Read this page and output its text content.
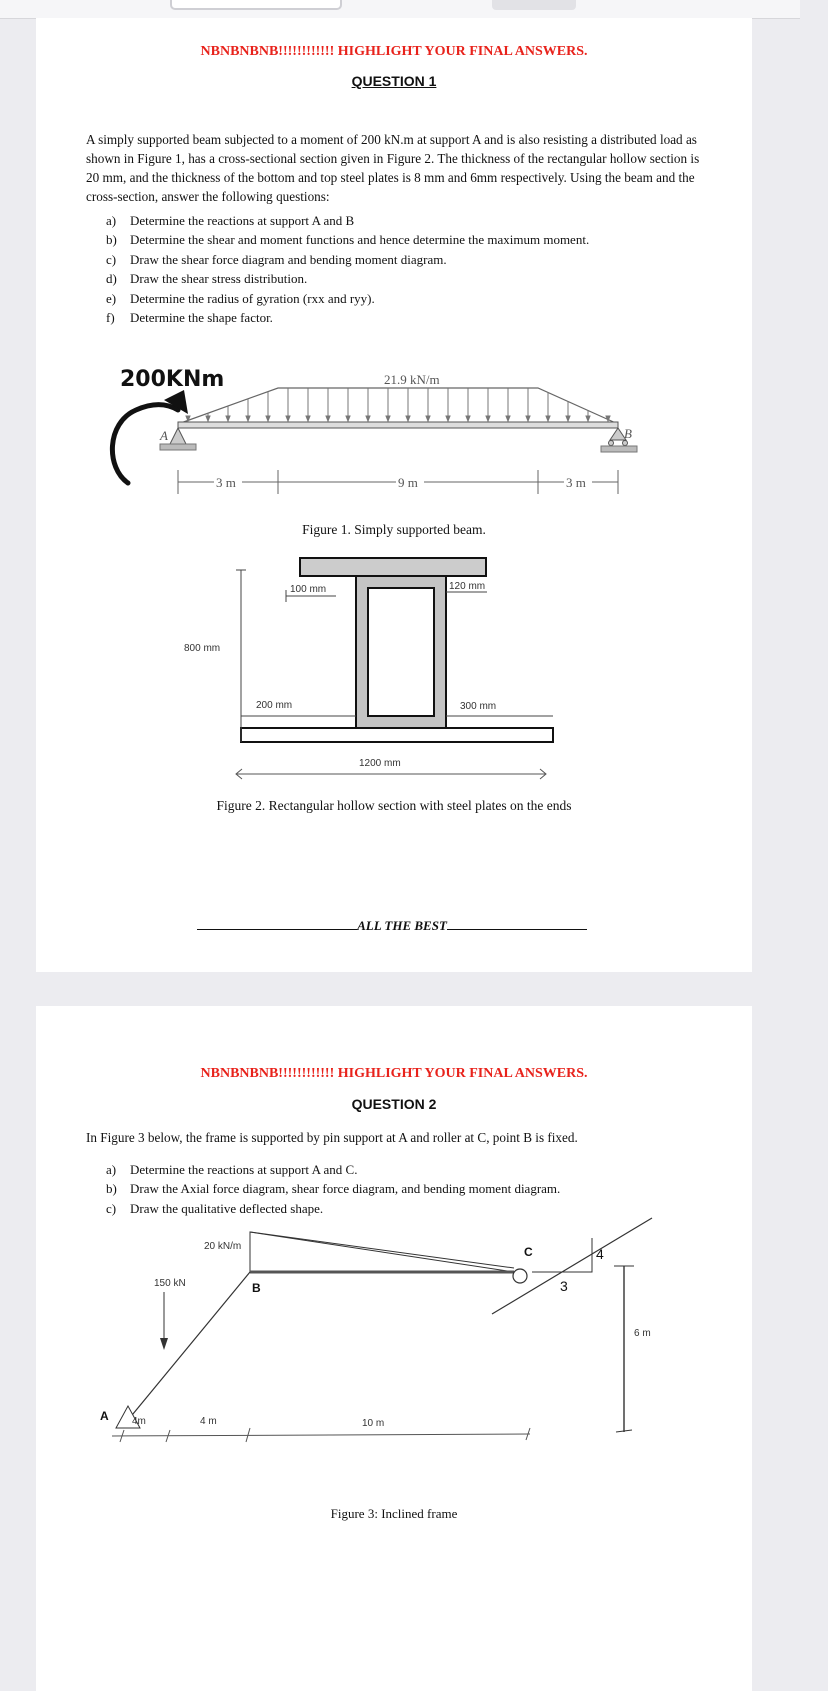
NBNBNBNB!!!!!!!!!!!! HIGHLIGHT YOUR FINAL ANSWERS.
QUESTION 1

A simply supported beam subjected to a moment of 200 kN.m at support A and is also resisting a distributed load as shown in Figure 1, has a cross-sectional section given in Figure 2. The thickness of the rectangular hollow section is 20 mm, and the thickness of the bottom and top steel plates is 8 mm and 6mm respectively. Using the beam and the cross-section, answer the following questions:

a)	Determine the reactions at support A and B
b)	Determine the shear and moment functions and hence determine the maximum moment.
c)	Draw the shear force diagram and bending moment diagram.
d)	Draw the shear stress distribution.
e)	Determine the radius of gyration (rxx and ryy).
f)	Determine the shape factor.
200KNm
A	B
21.9 kN/m
3 m	9 m	3 m
Figure 1. Simply supported beam.
800 mm
100 mm	120 mm
200 mm	300 mm
1200 mm
Figure 2. Rectangular hollow section with steel plates on the ends
ALL THE BEST
NBNBNBNB!!!!!!!!!!!! HIGHLIGHT YOUR FINAL ANSWERS.
QUESTION 2

In Figure 3 below, the frame is supported by pin support at A and roller at C, point B is fixed.

a)	Determine the reactions at support A and C.
b)	Draw the Axial force diagram, shear force diagram, and bending moment diagram.
c)	Draw the qualitative deflected shape.
20 kN/m
B
150 kN
A
C	4
3
6 m
4m	4 m	10 m
Figure 3: Inclined frame
